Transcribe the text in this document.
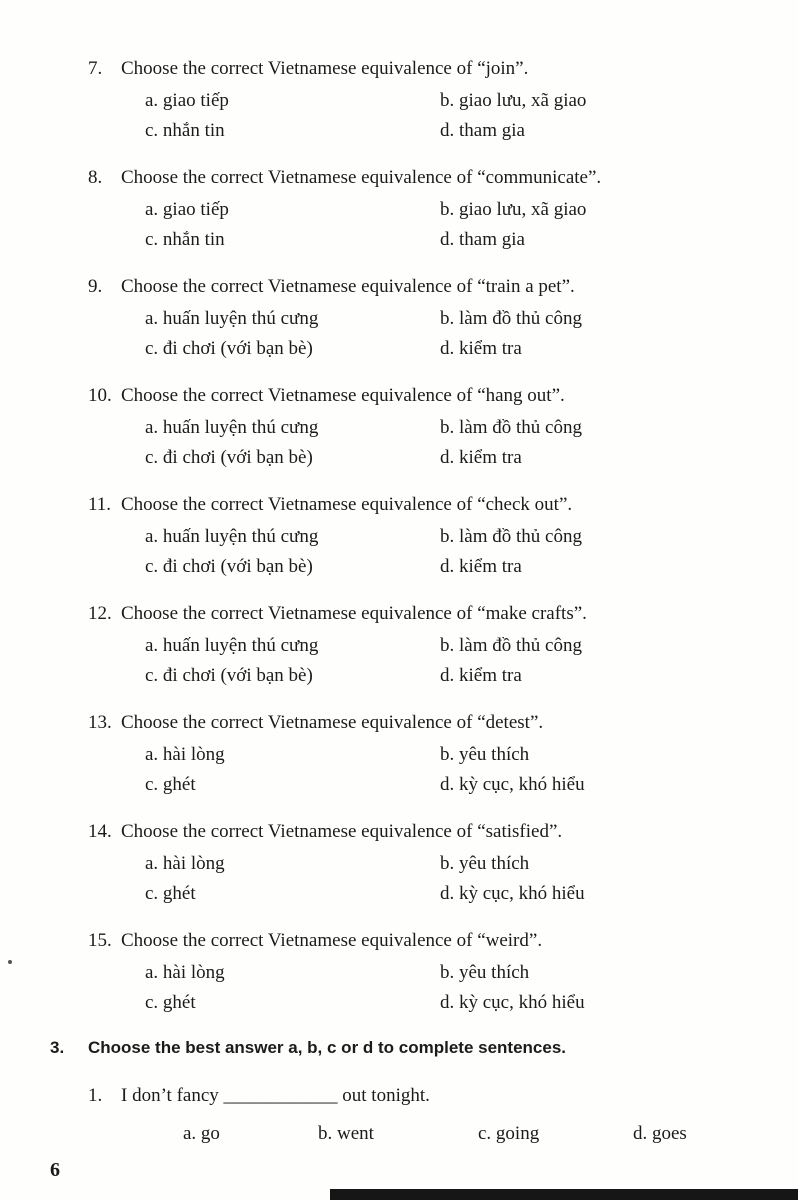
7. Choose the correct Vietnamese equivalence of “join”.
a. giao tiếp	b. giao lưu, xã giao
c. nhắn tin	d. tham gia
8. Choose the correct Vietnamese equivalence of “communicate”.
a. giao tiếp	b. giao lưu, xã giao
c. nhắn tin	d. tham gia
9. Choose the correct Vietnamese equivalence of “train a pet”.
a. huấn luyện thú cưng	b. làm đồ thủ công
c. đi chơi (với bạn bè)	d. kiểm tra
10. Choose the correct Vietnamese equivalence of “hang out”.
a. huấn luyện thú cưng	b. làm đồ thủ công
c. đi chơi (với bạn bè)	d. kiểm tra
11. Choose the correct Vietnamese equivalence of “check out”.
a. huấn luyện thú cưng	b. làm đồ thủ công
c. đi chơi (với bạn bè)	d. kiểm tra
12. Choose the correct Vietnamese equivalence of “make crafts”.
a. huấn luyện thú cưng	b. làm đồ thủ công
c. đi chơi (với bạn bè)	d. kiểm tra
13. Choose the correct Vietnamese equivalence of “detest”.
a. hài lòng	b. yêu thích
c. ghét	d. kỳ cục, khó hiểu
14. Choose the correct Vietnamese equivalence of “satisfied”.
a. hài lòng	b. yêu thích
c. ghét	d. kỳ cục, khó hiểu
15. Choose the correct Vietnamese equivalence of “weird”.
a. hài lòng	b. yêu thích
c. ghét	d. kỳ cục, khó hiểu
3.	Choose the best answer a, b, c or d to complete sentences.
1. I don’t fancy ____________ out tonight.
a. go	b. went	c. going	d. goes
6
